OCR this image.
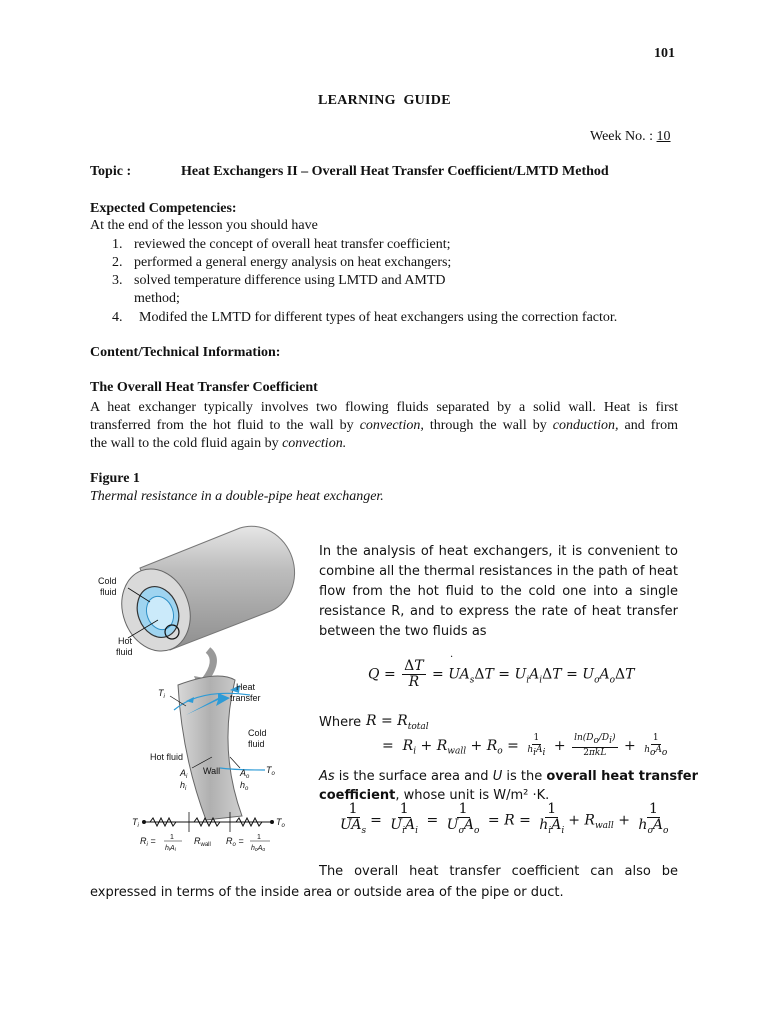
101
LEARNING  GUIDE
Week No. : 10
Topic :	Heat Exchangers II – Overall Heat Transfer Coefficient/LMTD Method
Expected Competencies:
At the end of the lesson you should have
1. reviewed the concept of overall heat transfer coefficient;
2. performed a general energy analysis on heat exchangers;
3. solved temperature difference using LMTD and AMTD
method;
4. Modifed the LMTD for different types of heat exchangers using the correction factor.
Content/Technical Information:
The Overall Heat Transfer Coefficient
A heat exchanger typically involves two flowing fluids separated by a solid wall. Heat is first
transferred from the hot fluid to the wall by convection, through the wall by conduction, and from
the wall to the cold fluid again by convection.
Figure 1
Thermal resistance in a double-pipe heat exchanger.
Cold
fluid
Hot
fluid
Heat
transfer
Cold
fluid
Hot fluid
Wall
$T_i$
$T_o$
$A_i$
$h_i$
$A_o$
$h_o$
$T_i$	$T_o$
$R_i = 1$
hiAi
$R_{wall}$ $R_o = 1$
hoAo
In the analysis of heat exchangers, it is convenient to
combine all the thermal resistances in the path of heat
flow from the hot fluid to the cold one into a single
resistance R, and to express the rate of heat transfer
between the two fluids as
.
$Q = \frac{\Delta T}{R} = UA_s\Delta T = U_iA_i\Delta T = U_oA_o\Delta T$
Where $R = R_{total}$
=  $R_i + R_{wall} + R_o = \frac{1}{h_iA_i} + \frac{\ln(D_o/D_i)}{\text{2πkL}} + \frac{1}{h_oA_o}$
As is the surface area and U is the overall heat transfer
coefficient, whose unit is W/m² ·K.
$\frac{1}{UA_s} = \frac{1}{U_iA_i} = \frac{1}{U_oA_o} = R = \frac{1}{h_iA_i} + R_{wall} + \frac{1}{h_oA_o}$
The overall heat transfer coefficient can also be
expressed in terms of the inside area or outside area of the pipe or duct.
